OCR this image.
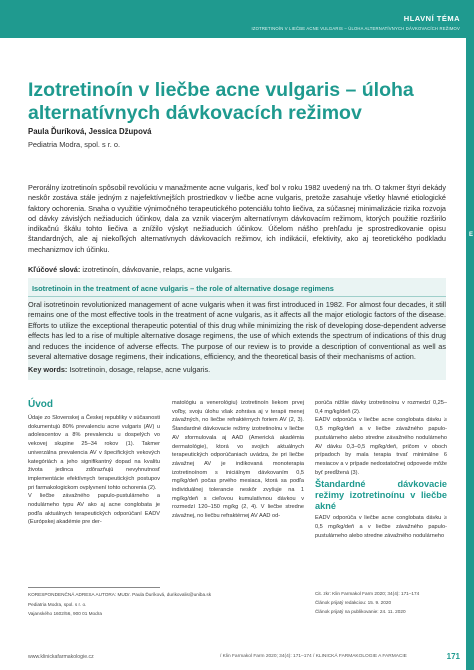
HLAVNÍ TÉMA
IZOTRETINOÍN V LIEČBE ACNE VULGARIS – ÚLOHA ALTERNATÍVNYCH DÁVKOVACÍCH REŽIMOV
E
Izotretinoín v liečbe acne vulgaris – úloha alternatívnych dávkovacích režimov
Paula Ďuríková, Jessica Džupová
Pediatria Modra, spol. s r. o.

Perorálny izotretinoín spôsobil revolúciu v manažmente acne vulgaris, keď bol v roku 1982 uvedený na trh. O takmer štyri dekády neskôr zostáva stále jedným z najefektívnejších prostriedkov v liečbe acne vulgaris, pretože zasahuje všetky hlavné etiologické faktory ochorenia. Snaha o využitie výnimočného terapeutického potenciálu tohto liečiva, za súčasnej minimalizácie rizika rozvoja od dávky závislých nežiaducich účinkov, dala za vznik viacerým alternatívnym dávkovacím režimom, ktorých použitie rozširilo indikačnú škálu tohto liečiva a znížilo výskyt nežiaducich účinkov. Účelom nášho prehľadu je sprostredkovanie opisu štandardných, ale aj niekoľkých alternatívnych dávkovacích režimov, ich indikácií, efektivity, ako aj teoretického podkladu mechanizmov ich účinku.

Kľúčové slová: izotretinoín, dávkovanie, relaps, acne vulgaris.
Isotretinoin in the treatment of acne vulgaris – the role of alternative dosage regimens

Oral isotretinoin revolutionized management of acne vulgaris when it was first introduced in 1982. For almost four decades, it still remains one of the most effective tools in the treatment of acne vulgaris, as it affects all the major etiologic factors of the disease. Efforts to utilize the exceptional therapeutic potential of this drug while minimizing the risk of developing dose-dependent adverse effects has led to a rise of multiple alternative dosage regimens, the use of which extends the spectrum of indications of this drug and reduces the incidence of adverse effects. The purpose of our review is to provide a description of conventional as well as several alternative dosage regimens, their indications, efficiency, and the theoretical basis of their mechanisms of action.

Key words: Isotretinoin, dosage, relapse, acne vulgaris.
Úvod

Údaje zo Slovenskej a Českej republiky v súčasnosti dokumentujú 80% prevalenciu acne vulgaris (AV) u adolescentov a 8% prevalenciu u dospelých vo vekovej skupine 25–34 rokov (1). Takmer univerzálna prevalencia AV v špecifických vekových kategóriách a jeho signifikantný dopad na kvalitu života jedinca zdôrazňujú nevyhnutnosť implementácie efektívnych terapeutických postupov pri farmakologickom ovplyvnení tohto ochorenia (2).

V liečbe závažného papulo-pustulárneho a nodulárneho typu AV ako aj acne conglobata je podľa aktuálnych terapeutických odporúčaní EADV (Európskej akadémie pre der-

matológiu a venerológiu) izotretinoín liekom prvej voľby, svoju úlohu však zohráva aj v terapii menej závažných, no liečbe refraktérnych foriem AV (2, 3). Štandardné dávkovacie režimy izotretinoínu v liečbe AV sformulovala aj AAD (Americká akadémia dermatológie), ktorá vo svojich aktuálnych terapeutických odporúčaniach uvádza, že pri liečbe závažnej AV je indikovaná monoterapia izotretinoínom s iniciálnym dávkovaním 0,5 mg/kg/deň počas prvého mesiaca, ktorá sa podľa individuálnej tolerancie neskôr zvyšuje na 1 mg/kg/deň s cieľovou kumulatívnou dávkou v rozmedzí 120–150 mg/kg (2, 4). V liečbe stredne závažnej, no liečbu refraktérnej AV AAD od-

porúča nižšie dávky izotretinoínu v rozmedzí 0,25–0,4 mg/kg/deň (2).

EADV odporúča v liečbe acne conglobata dávku ≥ 0,5 mg/kg/deň a v liečbe závažného papulo-pustulárneho alebo stredne závažného nodulárneho AV dávku 0,3–0,5 mg/kg/deň, pričom v oboch prípadoch by mala terapia trvať minimálne 6 mesiacov a v prípade nedostatočnej odpovede môže byť predĺžená (3).

Štandardné dávkovacie režimy izotretinoínu v liečbe akné

EADV odporúča v liečbe acne conglobata dávku ≥ 0,5 mg/kg/deň a v liečbe závažného papulo-pustulárneho alebo stredne závažného nodulárneho

KORESPONDENČNÁ ADRESA AUTORA: MUDr. Paula Ďuríková, durikovalis@uniba.sk
Pediatria Modra, spol. s r. o.
Vajanského 1602/56, 900 01 Modra
Cit. zkr: Klin Farmakol Farm 2020; 34(4): 171–174
Článok prijatý redakciou: 15. 9. 2020
Článok prijatý na publikovanie: 24. 11. 2020
www.klinickafarmakologie.cz	/ Klin Farmakol Farm 2020; 34(4): 171–174 / KLINICKÁ FARMAKOLOGIE A FARMACIE	171
